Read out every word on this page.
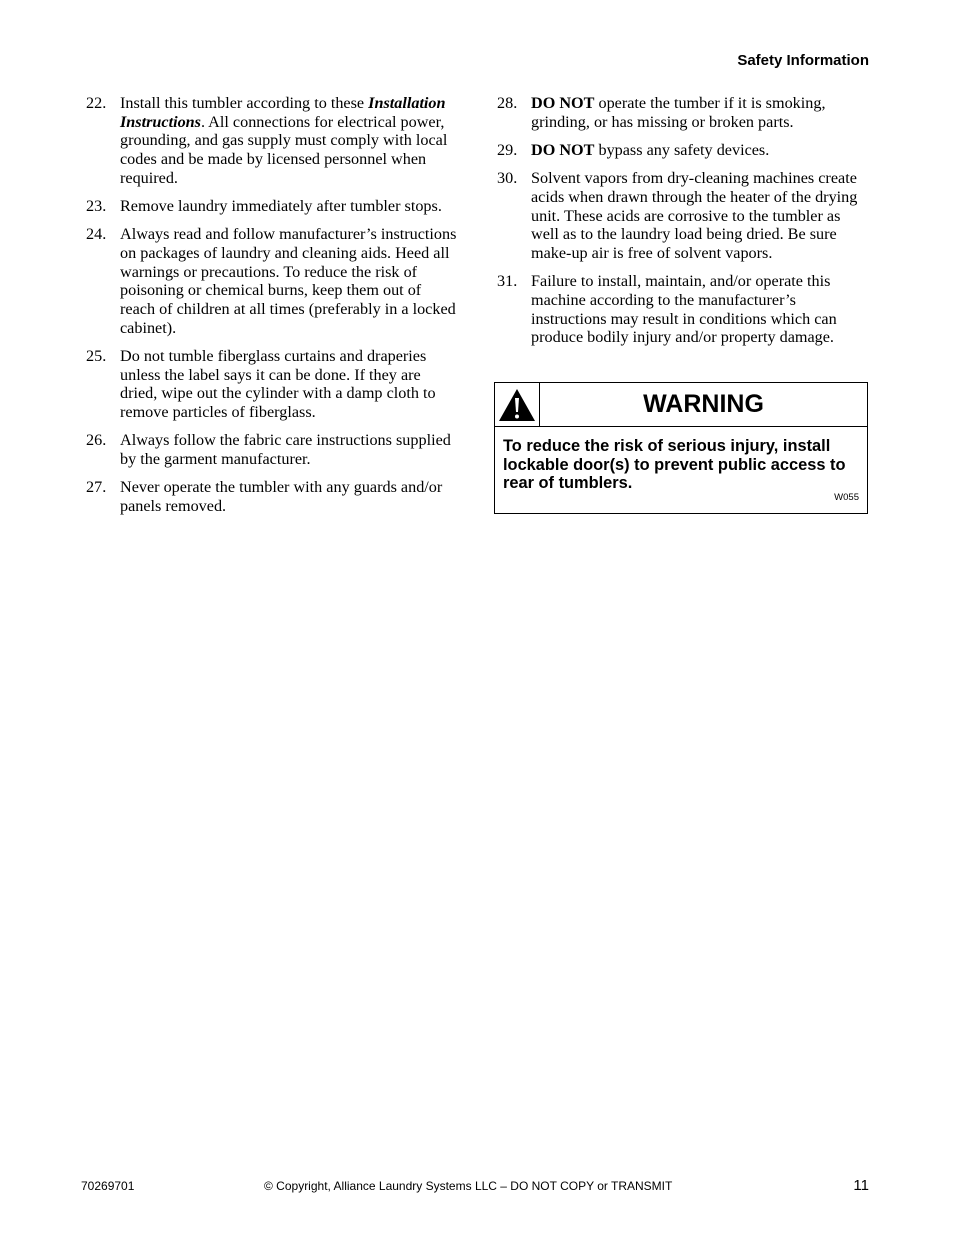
Safety Information
22. Install this tumbler according to these Installation Instructions. All connections for electrical power, grounding, and gas supply must comply with local codes and be made by licensed personnel when required.
23. Remove laundry immediately after tumbler stops.
24. Always read and follow manufacturer’s instructions on packages of laundry and cleaning aids. Heed all warnings or precautions. To reduce the risk of poisoning or chemical burns, keep them out of reach of children at all times (preferably in a locked cabinet).
25. Do not tumble fiberglass curtains and draperies unless the label says it can be done. If they are dried, wipe out the cylinder with a damp cloth to remove particles of fiberglass.
26. Always follow the fabric care instructions supplied by the garment manufacturer.
27. Never operate the tumbler with any guards and/or panels removed.
28. DO NOT operate the tumber if it is smoking, grinding, or has missing or broken parts.
29. DO NOT bypass any safety devices.
30. Solvent vapors from dry-cleaning machines create acids when drawn through the heater of the drying unit. These acids are corrosive to the tumbler as well as to the laundry load being dried. Be sure make-up air is free of solvent vapors.
31. Failure to install, maintain, and/or operate this machine according to the manufacturer’s instructions may result in conditions which can produce bodily injury and/or property damage.
WARNING
To reduce the risk of serious injury, install lockable door(s) to prevent public access to rear of tumblers.
W055
70269701	© Copyright, Alliance Laundry Systems LLC – DO NOT COPY or TRANSMIT	11
